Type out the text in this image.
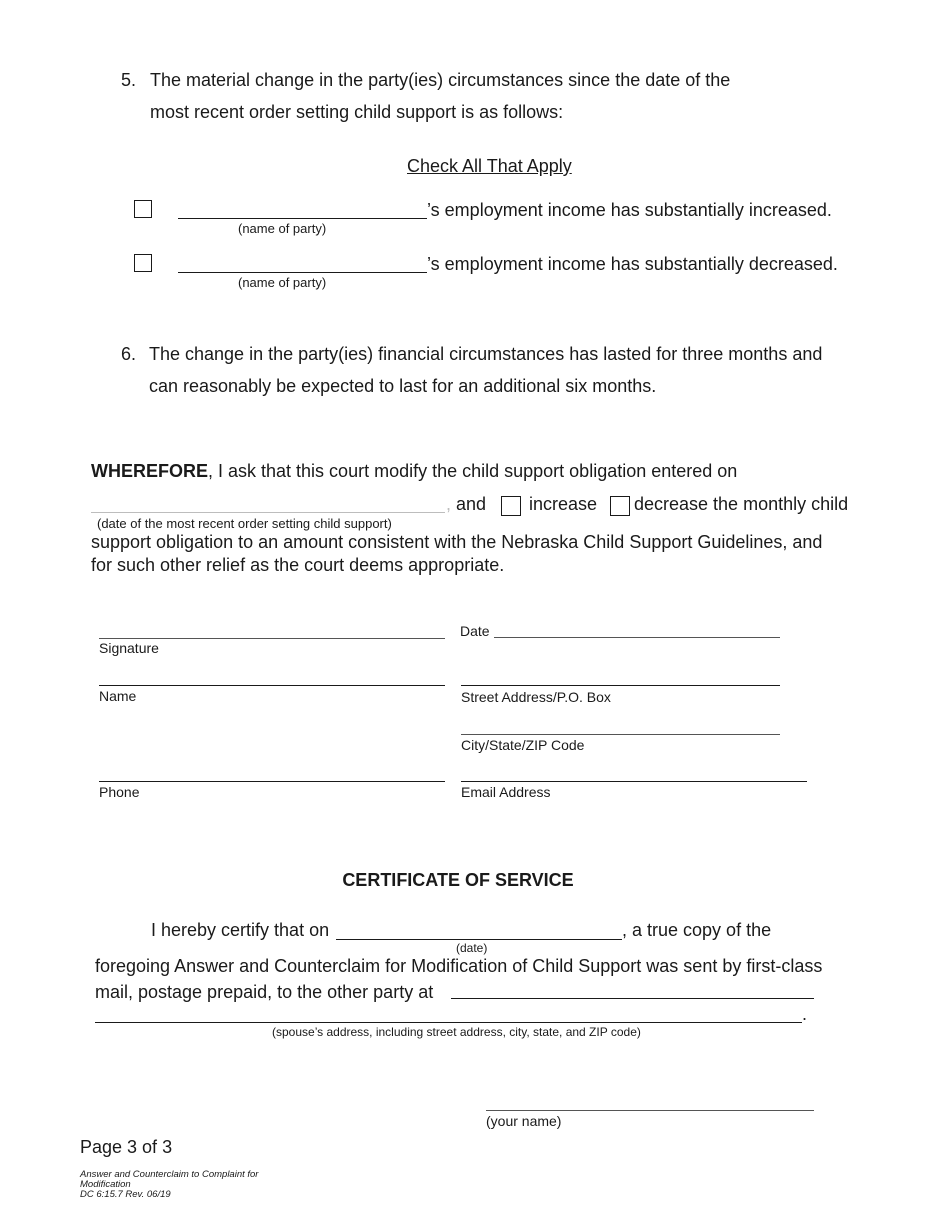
5. The material change in the party(ies) circumstances since the date of the
most recent order setting child support is as follows:
Check All That Apply
’s employment income has substantially increased.
(name of party)
’s employment income has substantially decreased.
(name of party)
6. The change in the party(ies) financial circumstances has lasted for three months and
can reasonably be expected to last for an additional six months.
WHEREFORE, I ask that this court modify the child support obligation entered on
, and increase decrease the monthly child
(date of the most recent order setting child support)
support obligation to an amount consistent with the Nebraska Child Support Guidelines, and
for such other relief as the court deems appropriate.
Signature
Date
Name	Street Address/P.O. Box
City/State/ZIP Code
Phone	Email Address
CERTIFICATE OF SERVICE
I hereby certify that on	, a true copy of the
(date)
foregoing Answer and Counterclaim for Modification of Child Support was sent by first-class
mail, postage prepaid, to the other party at
.
(spouse’s address, including street address, city, state, and ZIP code)
(your name)
Page 3 of 3
Answer and Counterclaim to Complaint for
Modification
DC 6:15.7 Rev. 06/19
